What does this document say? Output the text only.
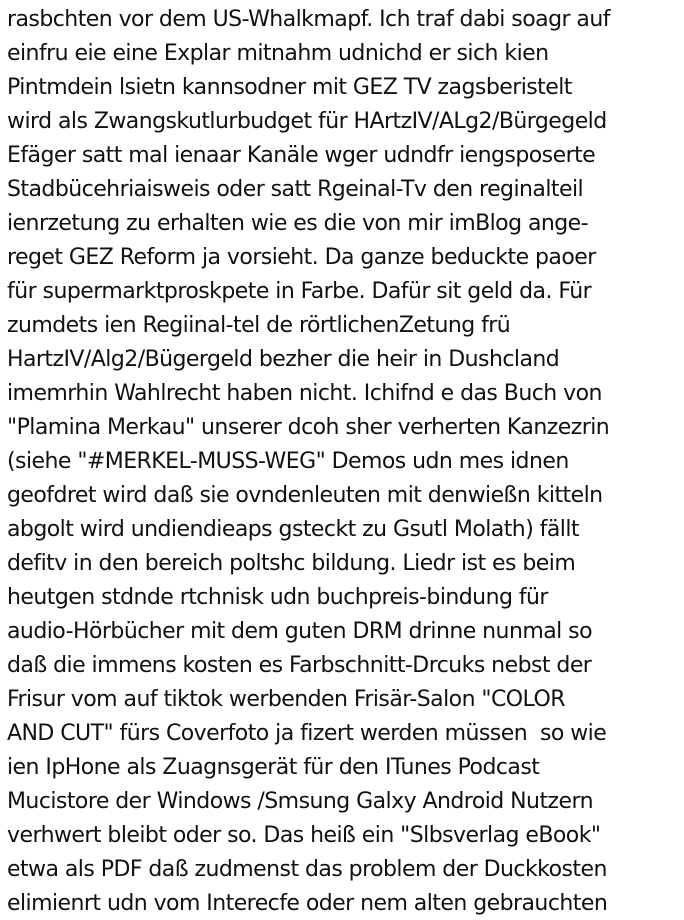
rasbchten vor dem US-Whalkmapf. Ich traf dabi soagr auf
einfru eie eine Explar mitnahm udnichd er sich kien
Pintmdein lsietn kannsodner mit GEZ TV zagsberistelt
wird als Zwangskutlurbudget für HArtzIV/ALg2/Bürgegeld
Efäger satt mal ienaar Kanäle wger udndfr iengsposerte
Stadbücehriaisweis oder satt Rgeinal-Tv den reginalteil
ienrzetung zu erhalten wie es die von mir imBlog ange-
reget GEZ Reform ja vorsieht. Da ganze beduckte paoer
für supermarktproskpete in Farbe. Dafür sit geld da. Für
zumdets ien Regiinal-tel de rörtlichenZetung frü
HartzIV/Alg2/Bügergeld bezher die heir in Dushcland
imemrhin Wahlrecht haben nicht. Ichifnd e das Buch von
"Plamina Merkau" unserer dcoh sher verherten Kanzezrin
(siehe "#MERKEL-MUSS-WEG" Demos udn mes idnen
geofdret wird daß sie ovndenleuten mit denwießn kitteln
abgolt wird undiendieaps gsteckt zu Gsutl Molath) fällt
defitv in den bereich poltshc bildung. Liedr ist es beim
heutgen stdnde rtchnisk udn buchpreis-bindung für
audio-Hörbücher mit dem guten DRM drinne nunmal so
daß die immens kosten es Farbschnitt-Drcuks nebst der
Frisur vom auf tiktok werbenden Frisär-Salon "COLOR
AND CUT" fürs Coverfoto ja fizert werden müssen  so wie
ien IpHone als Zuagnsgerät für den ITunes Podcast
Mucistore der Windows /Smsung Galxy Android Nutzern
verhwert bleibt oder so. Das heiß ein "Slbsverlag eBook"
etwa als PDF daß zudmenst das problem der Duckkosten
elimienrt udn vom Interecfe oder nem alten gebrauchten
